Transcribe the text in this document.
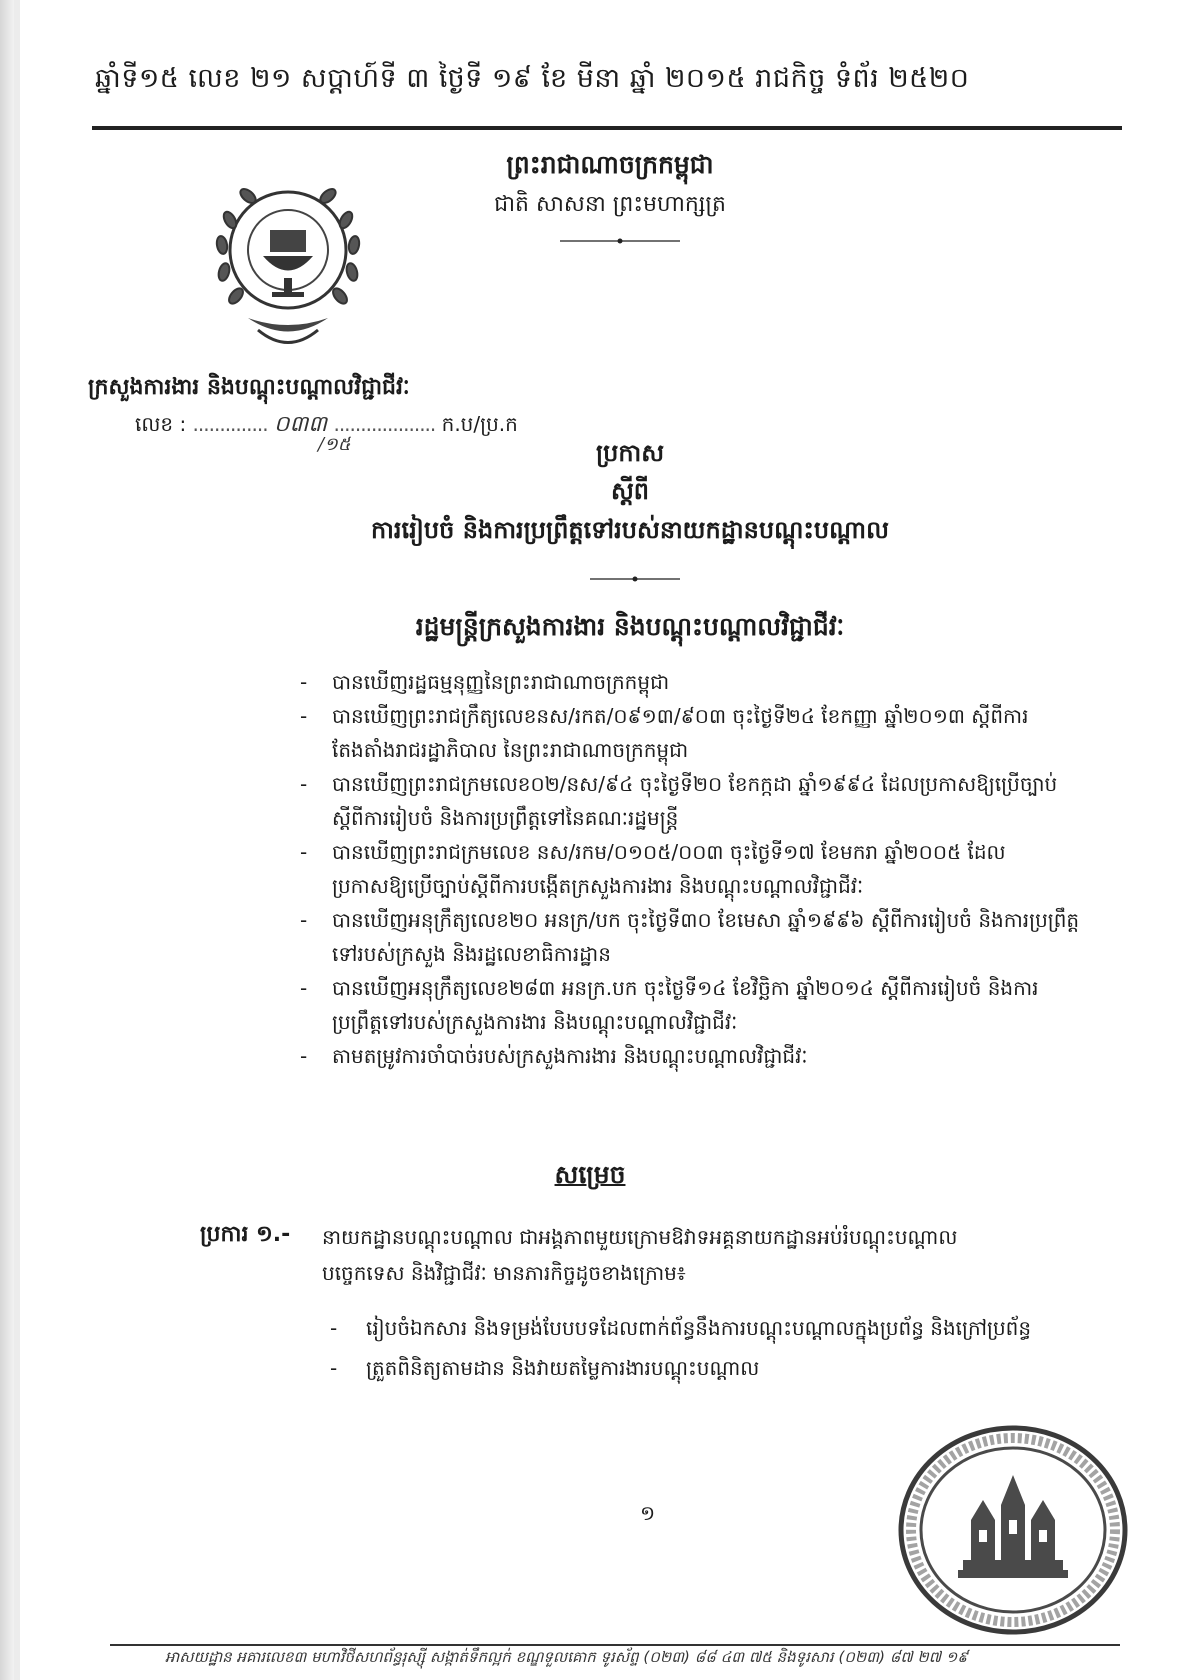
ឆ្នាំទី១៥ លេខ ២១ សប្តាហ៍ទី ៣ ថ្ងៃទី ១៩ ខែ មីនា ឆ្នាំ ២០១៥ រាជកិច្ច ទំព័រ ២៥២០
ព្រះរាជាណាចក្រកម្ពុជា
ជាតិ សាសនា ព្រះមហាក្សត្រ
ក្រសួងការងារ និងបណ្តុះបណ្តាលវិជ្ជាជីវៈ
លេខ : .............. ០៣៣ ................... ក.ប/ប្រ.ក
/១៥	ប្រកាស
ស្តីពី
ការរៀបចំ និងការប្រព្រឹត្តទៅរបស់នាយកដ្ឋានបណ្តុះបណ្តាល
រដ្ឋមន្ត្រីក្រសួងការងារ និងបណ្តុះបណ្តាលវិជ្ជាជីវៈ
- បានឃើញរដ្ឋធម្មនុញ្ញនៃព្រះរាជាណាចក្រកម្ពុជា
- បានឃើញព្រះរាជក្រឹត្យលេខនស/រកត/០៩១៣/៩០៣ ចុះថ្ងៃទី២៤ ខែកញ្ញា ឆ្នាំ២០១៣ ស្តីពីការតែងតាំងរាជរដ្ឋាភិបាល នៃព្រះរាជាណាចក្រកម្ពុជា
- បានឃើញព្រះរាជក្រមលេខ០២/នស/៩៤ ចុះថ្ងៃទី២០ ខែកក្កដា ឆ្នាំ១៩៩៤ ដែលប្រកាសឱ្យប្រើច្បាប់ស្តីពីការរៀបចំ និងការប្រព្រឹត្តទៅនៃគណៈរដ្ឋមន្ត្រី
- បានឃើញព្រះរាជក្រមលេខ នស/រកម/០១០៥/០០៣ ចុះថ្ងៃទី១៧ ខែមករា ឆ្នាំ២០០៥ ដែលប្រកាសឱ្យប្រើច្បាប់ស្តីពីការបង្កើតក្រសួងការងារ និងបណ្តុះបណ្តាលវិជ្ជាជីវៈ
- បានឃើញអនុក្រឹត្យលេខ២០ អនក្រ/បក ចុះថ្ងៃទី៣០ ខែមេសា ឆ្នាំ១៩៩៦ ស្តីពីការរៀបចំ និងការប្រព្រឹត្តទៅរបស់ក្រសួង និងរដ្ឋលេខាធិការដ្ឋាន
- បានឃើញអនុក្រឹត្យលេខ២៨៣ អនក្រ.បក ចុះថ្ងៃទី១៤ ខែវិច្ឆិកា ឆ្នាំ២០១៤ ស្តីពីការរៀបចំ និងការប្រព្រឹត្តទៅរបស់ក្រសួងការងារ និងបណ្តុះបណ្តាលវិជ្ជាជីវៈ
- តាមតម្រូវការចាំបាច់របស់ក្រសួងការងារ និងបណ្តុះបណ្តាលវិជ្ជាជីវៈ
សម្រេច
ប្រការ ១.- នាយកដ្ឋានបណ្តុះបណ្តាល ជាអង្គភាពមួយក្រោមឱវាទអគ្គនាយកដ្ឋានអប់រំបណ្តុះបណ្តាល
បច្ចេកទេស និងវិជ្ជាជីវៈ មានភារកិច្ចដូចខាងក្រោម៖
- រៀបចំឯកសារ និងទម្រង់បែបបទដែលពាក់ព័ន្ធនឹងការបណ្តុះបណ្តាលក្នុងប្រព័ន្ធ និងក្រៅប្រព័ន្ធ
- ត្រួតពិនិត្យតាមដាន និងវាយតម្លៃការងារបណ្តុះបណ្តាល
១
អាសយដ្ឋាន អគារលេខ៣ មហាវិថីសហព័ន្ធរុស្ស៊ី សង្កាត់ទឹកល្អក់ ខណ្ឌទួលគោក ទូរស័ព្ទ (០២៣) ៨៨ ៤៣ ៧៥ និងទូរសារ (០២៣) ៨៧ ២៧ ១៩
